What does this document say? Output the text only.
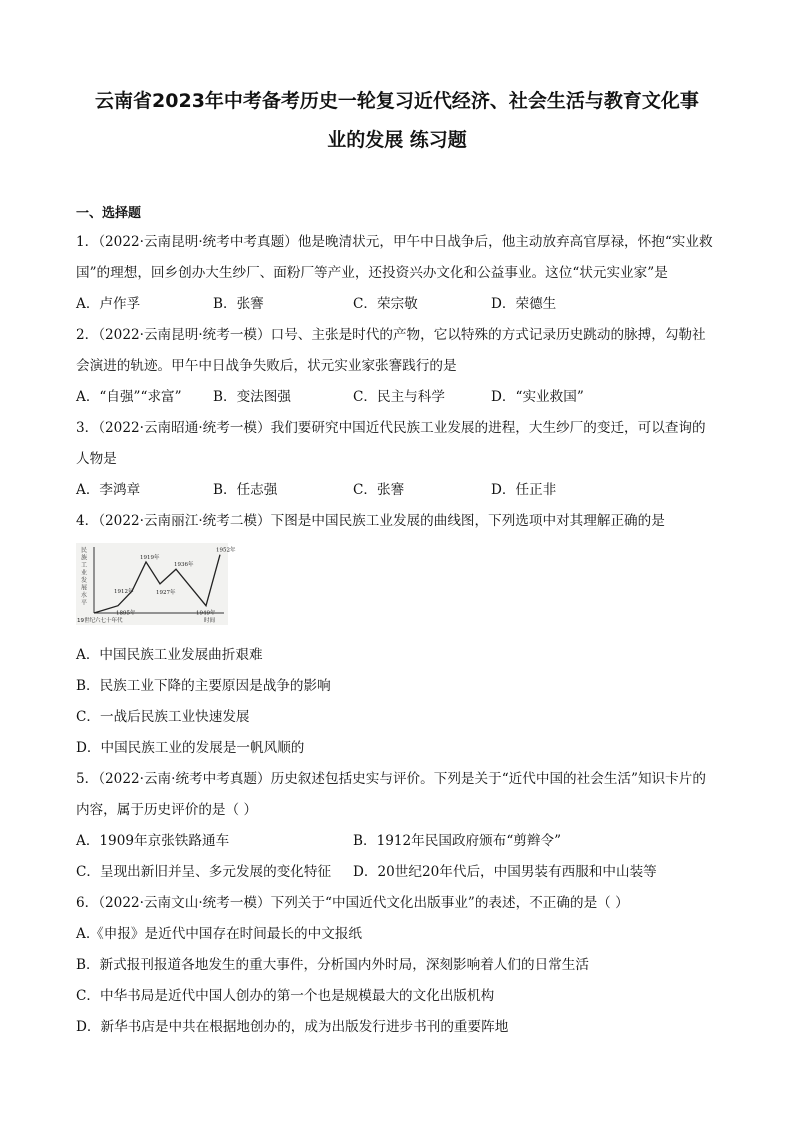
云南省2023年中考备考历史一轮复习近代经济、社会生活与教育文化事
业的发展 练习题
一、选择题
1．（2022·云南昆明·统考中考真题）他是晚清状元，甲午中日战争后，他主动放弃高官厚禄，怀抱“实业救
国”的理想，回乡创办大生纱厂、面粉厂等产业，还投资兴办文化和公益事业。这位“状元实业家”是
A．卢作孚	B．张謇	C．荣宗敬	D．荣德生
2．（2022·云南昆明·统考一模）口号、主张是时代的产物，它以特殊的方式记录历史跳动的脉搏，勾勒社
会演进的轨迹。甲午中日战争失败后，状元实业家张謇践行的是
A．“自强”“求富” B．变法图强	C．民主与科学	D．“实业救国”
3．（2022·云南昭通·统考一模）我们要研究中国近代民族工业发展的进程，大生纱厂的变迁，可以查询的
人物是
A．李鸿章	B．任志强	C．张謇	D．任正非
4．（2022·云南丽江·统考二模）下图是中国民族工业发展的曲线图，下列选项中对其理解正确的是
民族工业发展水平
1895年
1912年
1919年
1927年
1936年
1949年
1952年
19世纪六七十年代	时间
A．中国民族工业发展曲折艰难
B．民族工业下降的主要原因是战争的影响
C．一战后民族工业快速发展
D．中国民族工业的发展是一帆风顺的
5．（2022·云南·统考中考真题）历史叙述包括史实与评价。下列是关于“近代中国的社会生活”知识卡片的
内容，属于历史评价的是（ ）
A．1909年京张铁路通车	B．1912年民国政府颁布“剪辫令”
C．呈现出新旧并呈、多元发展的变化特征 D．20世纪20年代后，中国男装有西服和中山装等
6．（2022·云南文山·统考一模）下列关于“中国近代文化出版事业”的表述，不正确的是（ ）
A.《申报》是近代中国存在时间最长的中文报纸
B．新式报刊报道各地发生的重大事件，分析国内外时局，深刻影响着人们的日常生活
C．中华书局是近代中国人创办的第一个也是规模最大的文化出版机构
D．新华书店是中共在根据地创办的，成为出版发行进步书刊的重要阵地
